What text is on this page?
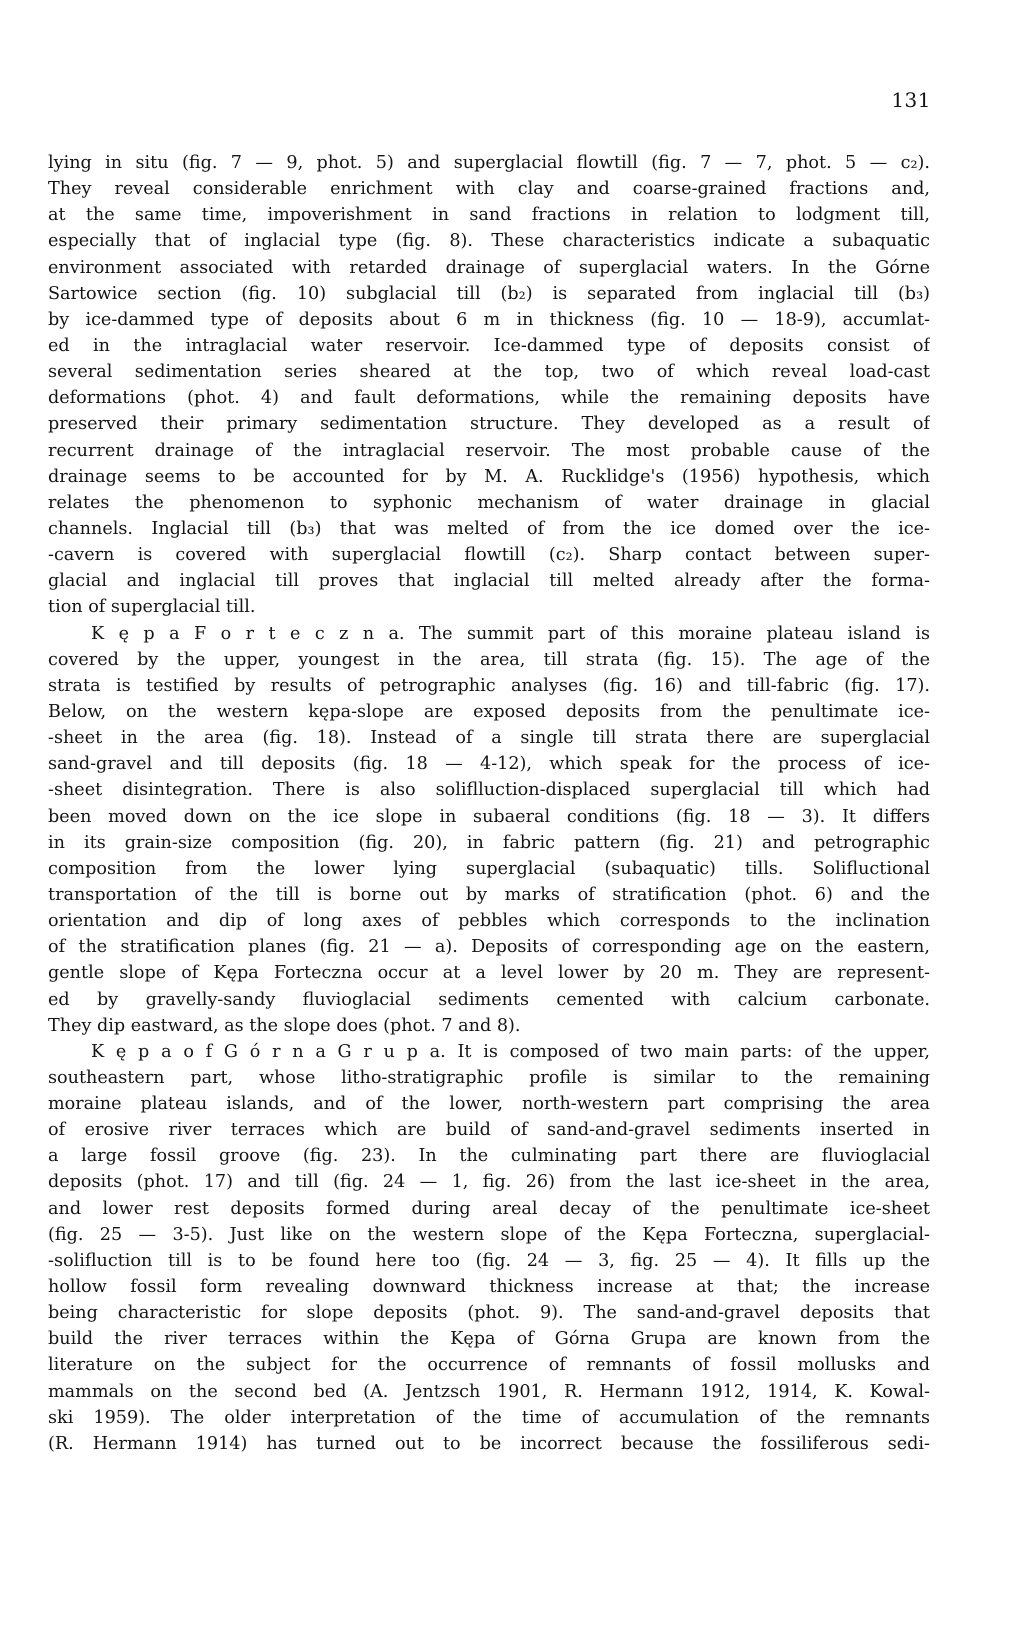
131
lying in situ (fig. 7 — 9, phot. 5) and superglacial flowtill (fig. 7 — 7, phot. 5 — c₂).
They reveal considerable enrichment with clay and coarse-grained fractions and,
at the same time, impoverishment in sand fractions in relation to lodgment till,
especially that of inglacial type (fig. 8). These characteristics indicate a subaquatic
environment associated with retarded drainage of superglacial waters. In the Górne
Sartowice section (fig. 10) subglacial till (b₂) is separated from inglacial till (b₃)
by ice-dammed type of deposits about 6 m in thickness (fig. 10 — 18-9), accumlat-
ed in the intraglacial water reservoir. Ice-dammed type of deposits consist of
several sedimentation series sheared at the top, two of which reveal load-cast
deformations (phot. 4) and fault deformations, while the remaining deposits have
preserved their primary sedimentation structure. They developed as a result of
recurrent drainage of the intraglacial reservoir. The most probable cause of the
drainage seems to be accounted for by M. A. Rucklidge's (1956) hypothesis, which
relates the phenomenon to syphonic mechanism of water drainage in glacial
channels. Inglacial till (b₃) that was melted of from the ice domed over the ice-
-cavern is covered with superglacial flowtill (c₂). Sharp contact between super-
glacial and inglacial till proves that inglacial till melted already after the forma-
tion of superglacial till.
K ę p a F o r t e c z n a. The summit part of this moraine plateau island is
covered by the upper, youngest in the area, till strata (fig. 15). The age of the
strata is testified by results of petrographic analyses (fig. 16) and till-fabric (fig. 17).
Below, on the western kępa-slope are exposed deposits from the penultimate ice-
-sheet in the area (fig. 18). Instead of a single till strata there are superglacial
sand-gravel and till deposits (fig. 18 — 4-12), which speak for the process of ice-
-sheet disintegration. There is also soliflluction-displaced superglacial till which had
been moved down on the ice slope in subaeral conditions (fig. 18 — 3). It differs
in its grain-size composition (fig. 20), in fabric pattern (fig. 21) and petrographic
composition from the lower lying superglacial (subaquatic) tills. Solifluctional
transportation of the till is borne out by marks of stratification (phot. 6) and the
orientation and dip of long axes of pebbles which corresponds to the inclination
of the stratification planes (fig. 21 — a). Deposits of corresponding age on the eastern,
gentle slope of Kępa Forteczna occur at a level lower by 20 m. They are represent-
ed by gravelly-sandy fluvioglacial sediments cemented with calcium carbonate.
They dip eastward, as the slope does (phot. 7 and 8).
K ę p a o f G ó r n a G r u p a. It is composed of two main parts: of the upper,
southeastern part, whose litho-stratigraphic profile is similar to the remaining
moraine plateau islands, and of the lower, north-western part comprising the area
of erosive river terraces which are build of sand-and-gravel sediments inserted in
a large fossil groove (fig. 23). In the culminating part there are fluvioglacial
deposits (phot. 17) and till (fig. 24 — 1, fig. 26) from the last ice-sheet in the area,
and lower rest deposits formed during areal decay of the penultimate ice-sheet
(fig. 25 — 3-5). Just like on the western slope of the Kępa Forteczna, superglacial-
-solifluction till is to be found here too (fig. 24 — 3, fig. 25 — 4). It fills up the
hollow fossil form revealing downward thickness increase at that; the increase
being characteristic for slope deposits (phot. 9). The sand-and-gravel deposits that
build the river terraces within the Kępa of Górna Grupa are known from the
literature on the subject for the occurrence of remnants of fossil mollusks and
mammals on the second bed (A. Jentzsch 1901, R. Hermann 1912, 1914, K. Kowal-
ski 1959). The older interpretation of the time of accumulation of the remnants
(R. Hermann 1914) has turned out to be incorrect because the fossiliferous sedi-
